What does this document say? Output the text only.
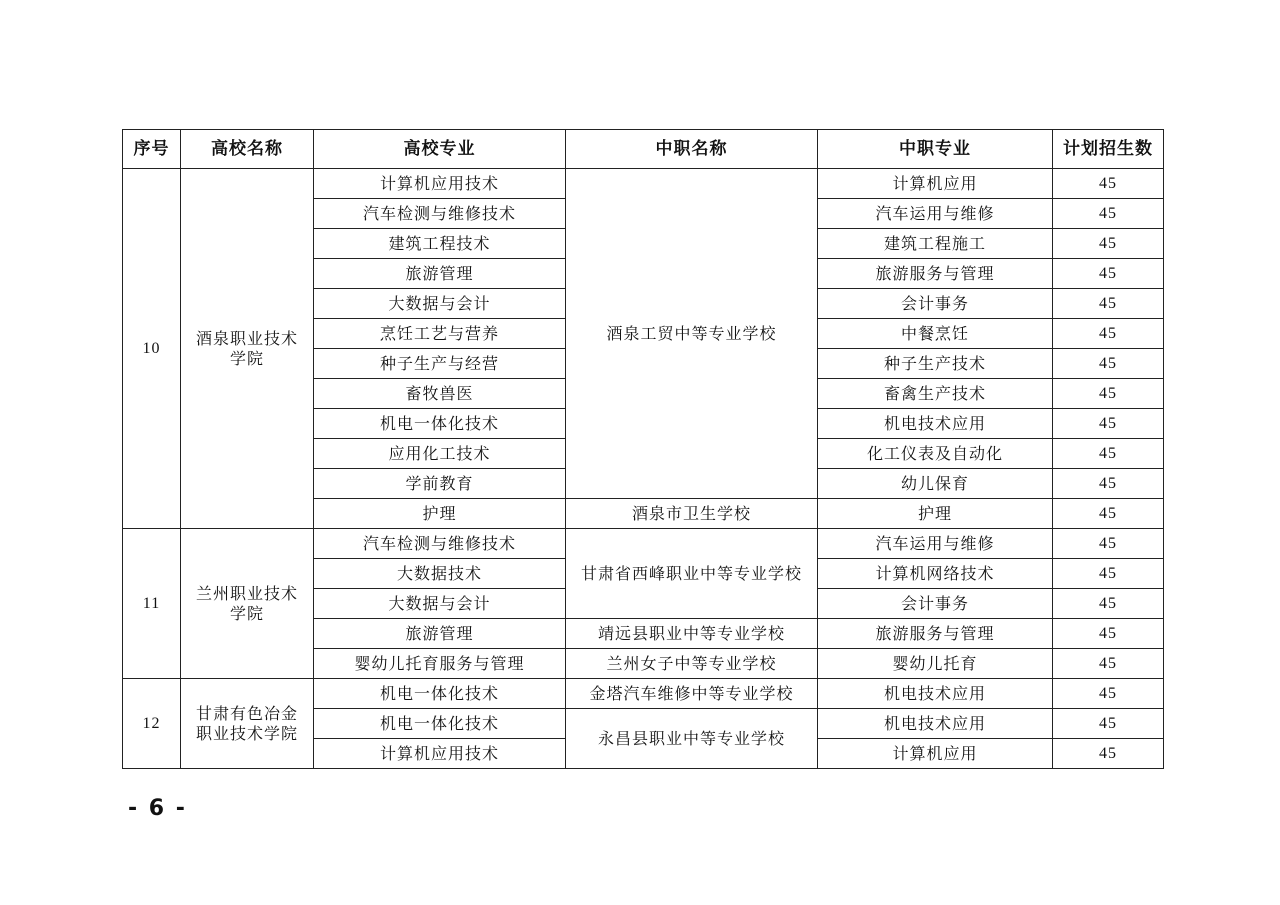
序号	高校名称	高校专业	中职名称	中职专业	计划招生数
10	酒泉职业技术学院	计算机应用技术	酒泉工贸中等专业学校	计算机应用	45
		汽车检测与维修技术		汽车运用与维修	45
		建筑工程技术		建筑工程施工	45
		旅游管理		旅游服务与管理	45
		大数据与会计		会计事务	45
		烹饪工艺与营养		中餐烹饪	45
		种子生产与经营		种子生产技术	45
		畜牧兽医		畜禽生产技术	45
		机电一体化技术		机电技术应用	45
		应用化工技术		化工仪表及自动化	45
		学前教育		幼儿保育	45
		护理	酒泉市卫生学校	护理	45
11	兰州职业技术学院	汽车检测与维修技术	甘肃省西峰职业中等专业学校	汽车运用与维修	45
		大数据技术		计算机网络技术	45
		大数据与会计		会计事务	45
		旅游管理	靖远县职业中等专业学校	旅游服务与管理	45
		婴幼儿托育服务与管理	兰州女子中等专业学校	婴幼儿托育	45
12	甘肃有色冶金职业技术学院	机电一体化技术	金塔汽车维修中等专业学校	机电技术应用	45
		机电一体化技术	永昌县职业中等专业学校	机电技术应用	45
		计算机应用技术		计算机应用	45
- 6 -
